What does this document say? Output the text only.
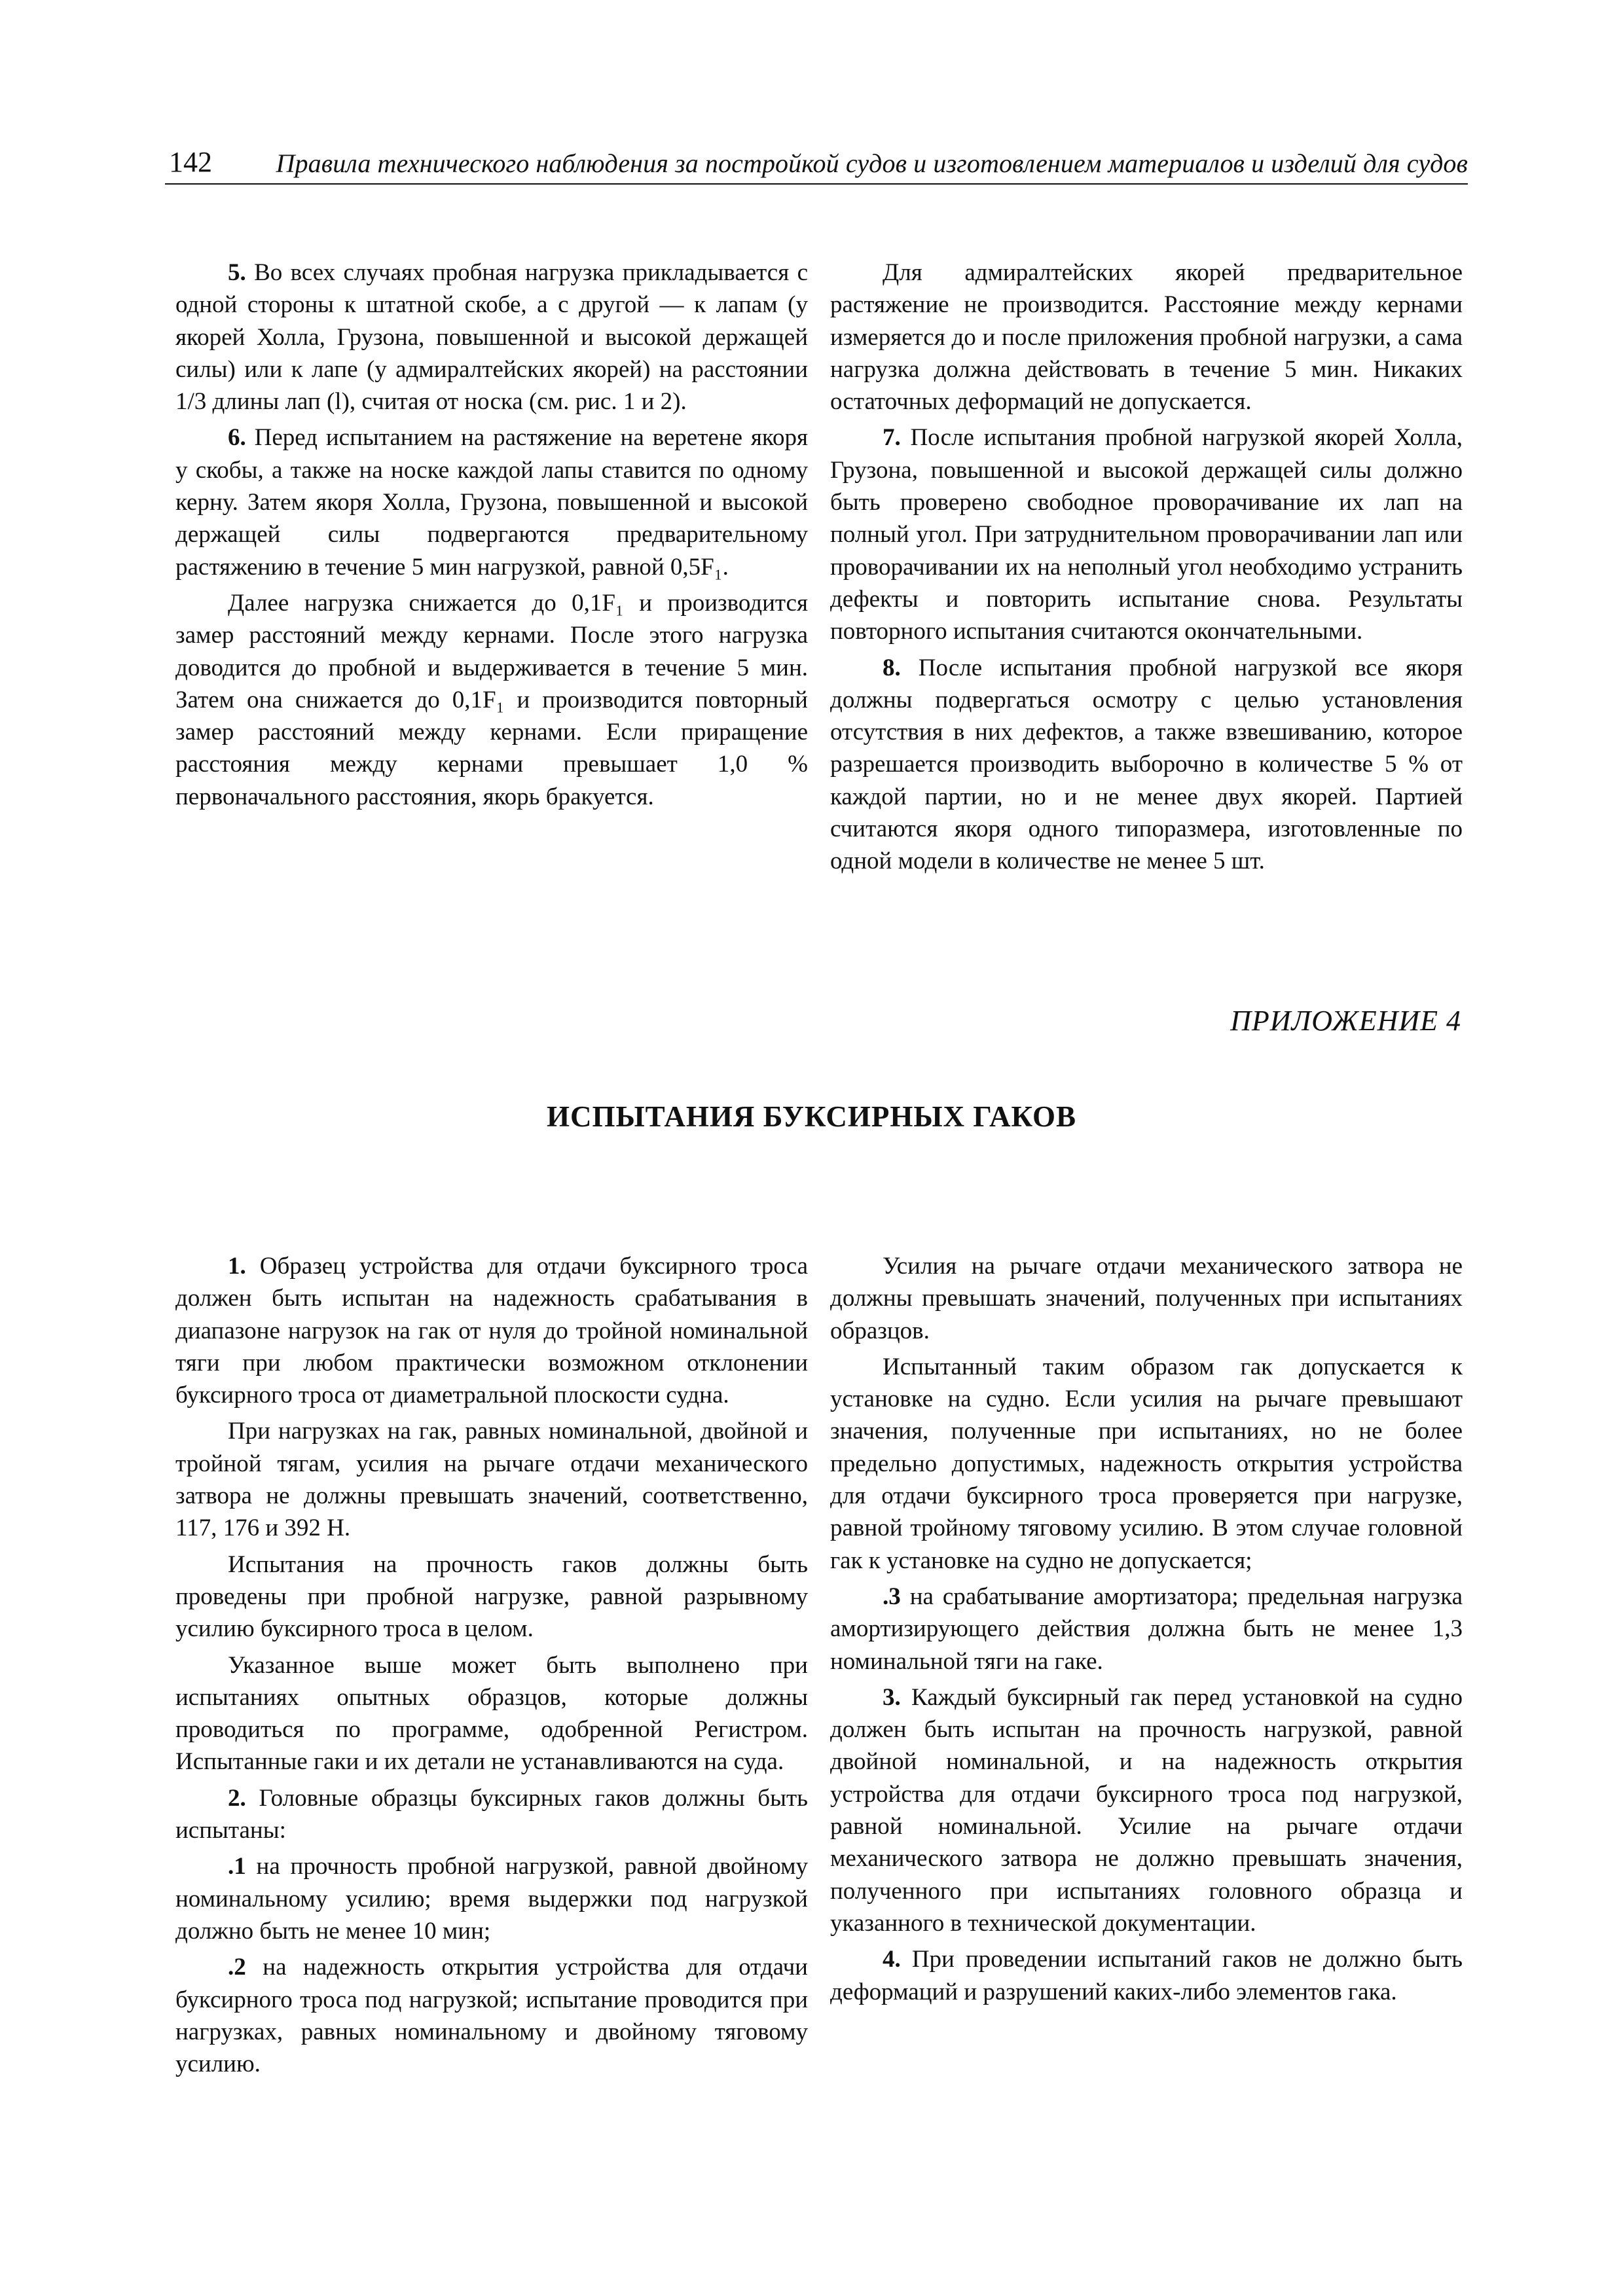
142 Правила технического наблюдения за постройкой судов и изготовлением материалов и изделий для судов

5. Во всех случаях пробная нагрузка прикладывается с одной стороны к штатной скобе, а с другой — к лапам (у якорей Холла, Грузона, повышенной и высокой держащей силы) или к лапе (у адмиралтейских якорей) на расстоянии 1/3 длины лап (l), считая от носка (см. рис. 1 и 2).

6. Перед испытанием на растяжение на веретене якоря у скобы, а также на носке каждой лапы ставится по одному керну. Затем якоря Холла, Грузона, повышенной и высокой держащей силы подвергаются предварительному растяжению в течение 5 мин нагрузкой, равной 0,5F₁.

Далее нагрузка снижается до 0,1F₁ и производится замер расстояний между кернами. После этого нагрузка доводится до пробной и выдерживается в течение 5 мин. Затем она снижается до 0,1F₁ и производится повторный замер расстояний между кернами. Если приращение расстояния между кернами превышает 1,0 % первоначального расстояния, якорь бракуется.

Для адмиралтейских якорей предварительное растяжение не производится. Расстояние между кернами измеряется до и после приложения пробной нагрузки, а сама нагрузка должна действовать в течение 5 мин. Никаких остаточных деформаций не допускается.

7. После испытания пробной нагрузкой якорей Холла, Грузона, повышенной и высокой держащей силы должно быть проверено свободное проворачивание их лап на полный угол. При затруднительном проворачивании лап или проворачивании их на неполный угол необходимо устранить дефекты и повторить испытание снова. Результаты повторного испытания считаются окончательными.

8. После испытания пробной нагрузкой все якоря должны подвергаться осмотру с целью установления отсутствия в них дефектов, а также взвешиванию, которое разрешается производить выборочно в количестве 5 % от каждой партии, но и не менее двух якорей. Партией считаются якоря одного типоразмера, изготовленные по одной модели в количестве не менее 5 шт.

ПРИЛОЖЕНИЕ 4
ИСПЫТАНИЯ БУКСИРНЫХ ГАКОВ

1. Образец устройства для отдачи буксирного троса должен быть испытан на надежность срабатывания в диапазоне нагрузок на гак от нуля до тройной номинальной тяги при любом практически возможном отклонении буксирного троса от диаметральной плоскости судна.

При нагрузках на гак, равных номинальной, двойной и тройной тягам, усилия на рычаге отдачи механического затвора не должны превышать значений, соответственно, 117, 176 и 392 Н.

Испытания на прочность гаков должны быть проведены при пробной нагрузке, равной разрывному усилию буксирного троса в целом.

Указанное выше может быть выполнено при испытаниях опытных образцов, которые должны проводиться по программе, одобренной Регистром. Испытанные гаки и их детали не устанавливаются на суда.

2. Головные образцы буксирных гаков должны быть испытаны:

.1 на прочность пробной нагрузкой, равной двойному номинальному усилию; время выдержки под нагрузкой должно быть не менее 10 мин;

.2 на надежность открытия устройства для отдачи буксирного троса под нагрузкой; испытание проводится при нагрузках, равных номинальному и двойному тяговому усилию.

Усилия на рычаге отдачи механического затвора не должны превышать значений, полученных при испытаниях образцов.

Испытанный таким образом гак допускается к установке на судно. Если усилия на рычаге превышают значения, полученные при испытаниях, но не более предельно допустимых, надежность открытия устройства для отдачи буксирного троса проверяется при нагрузке, равной тройному тяговому усилию. В этом случае головной гак к установке на судно не допускается;

.3 на срабатывание амортизатора; предельная нагрузка амортизирующего действия должна быть не менее 1,3 номинальной тяги на гаке.

3. Каждый буксирный гак перед установкой на судно должен быть испытан на прочность нагрузкой, равной двойной номинальной, и на надежность открытия устройства для отдачи буксирного троса под нагрузкой, равной номинальной. Усилие на рычаге отдачи механического затвора не должно превышать значения, полученного при испытаниях головного образца и указанного в технической документации.

4. При проведении испытаний гаков не должно быть деформаций и разрушений каких-либо элементов гака.
